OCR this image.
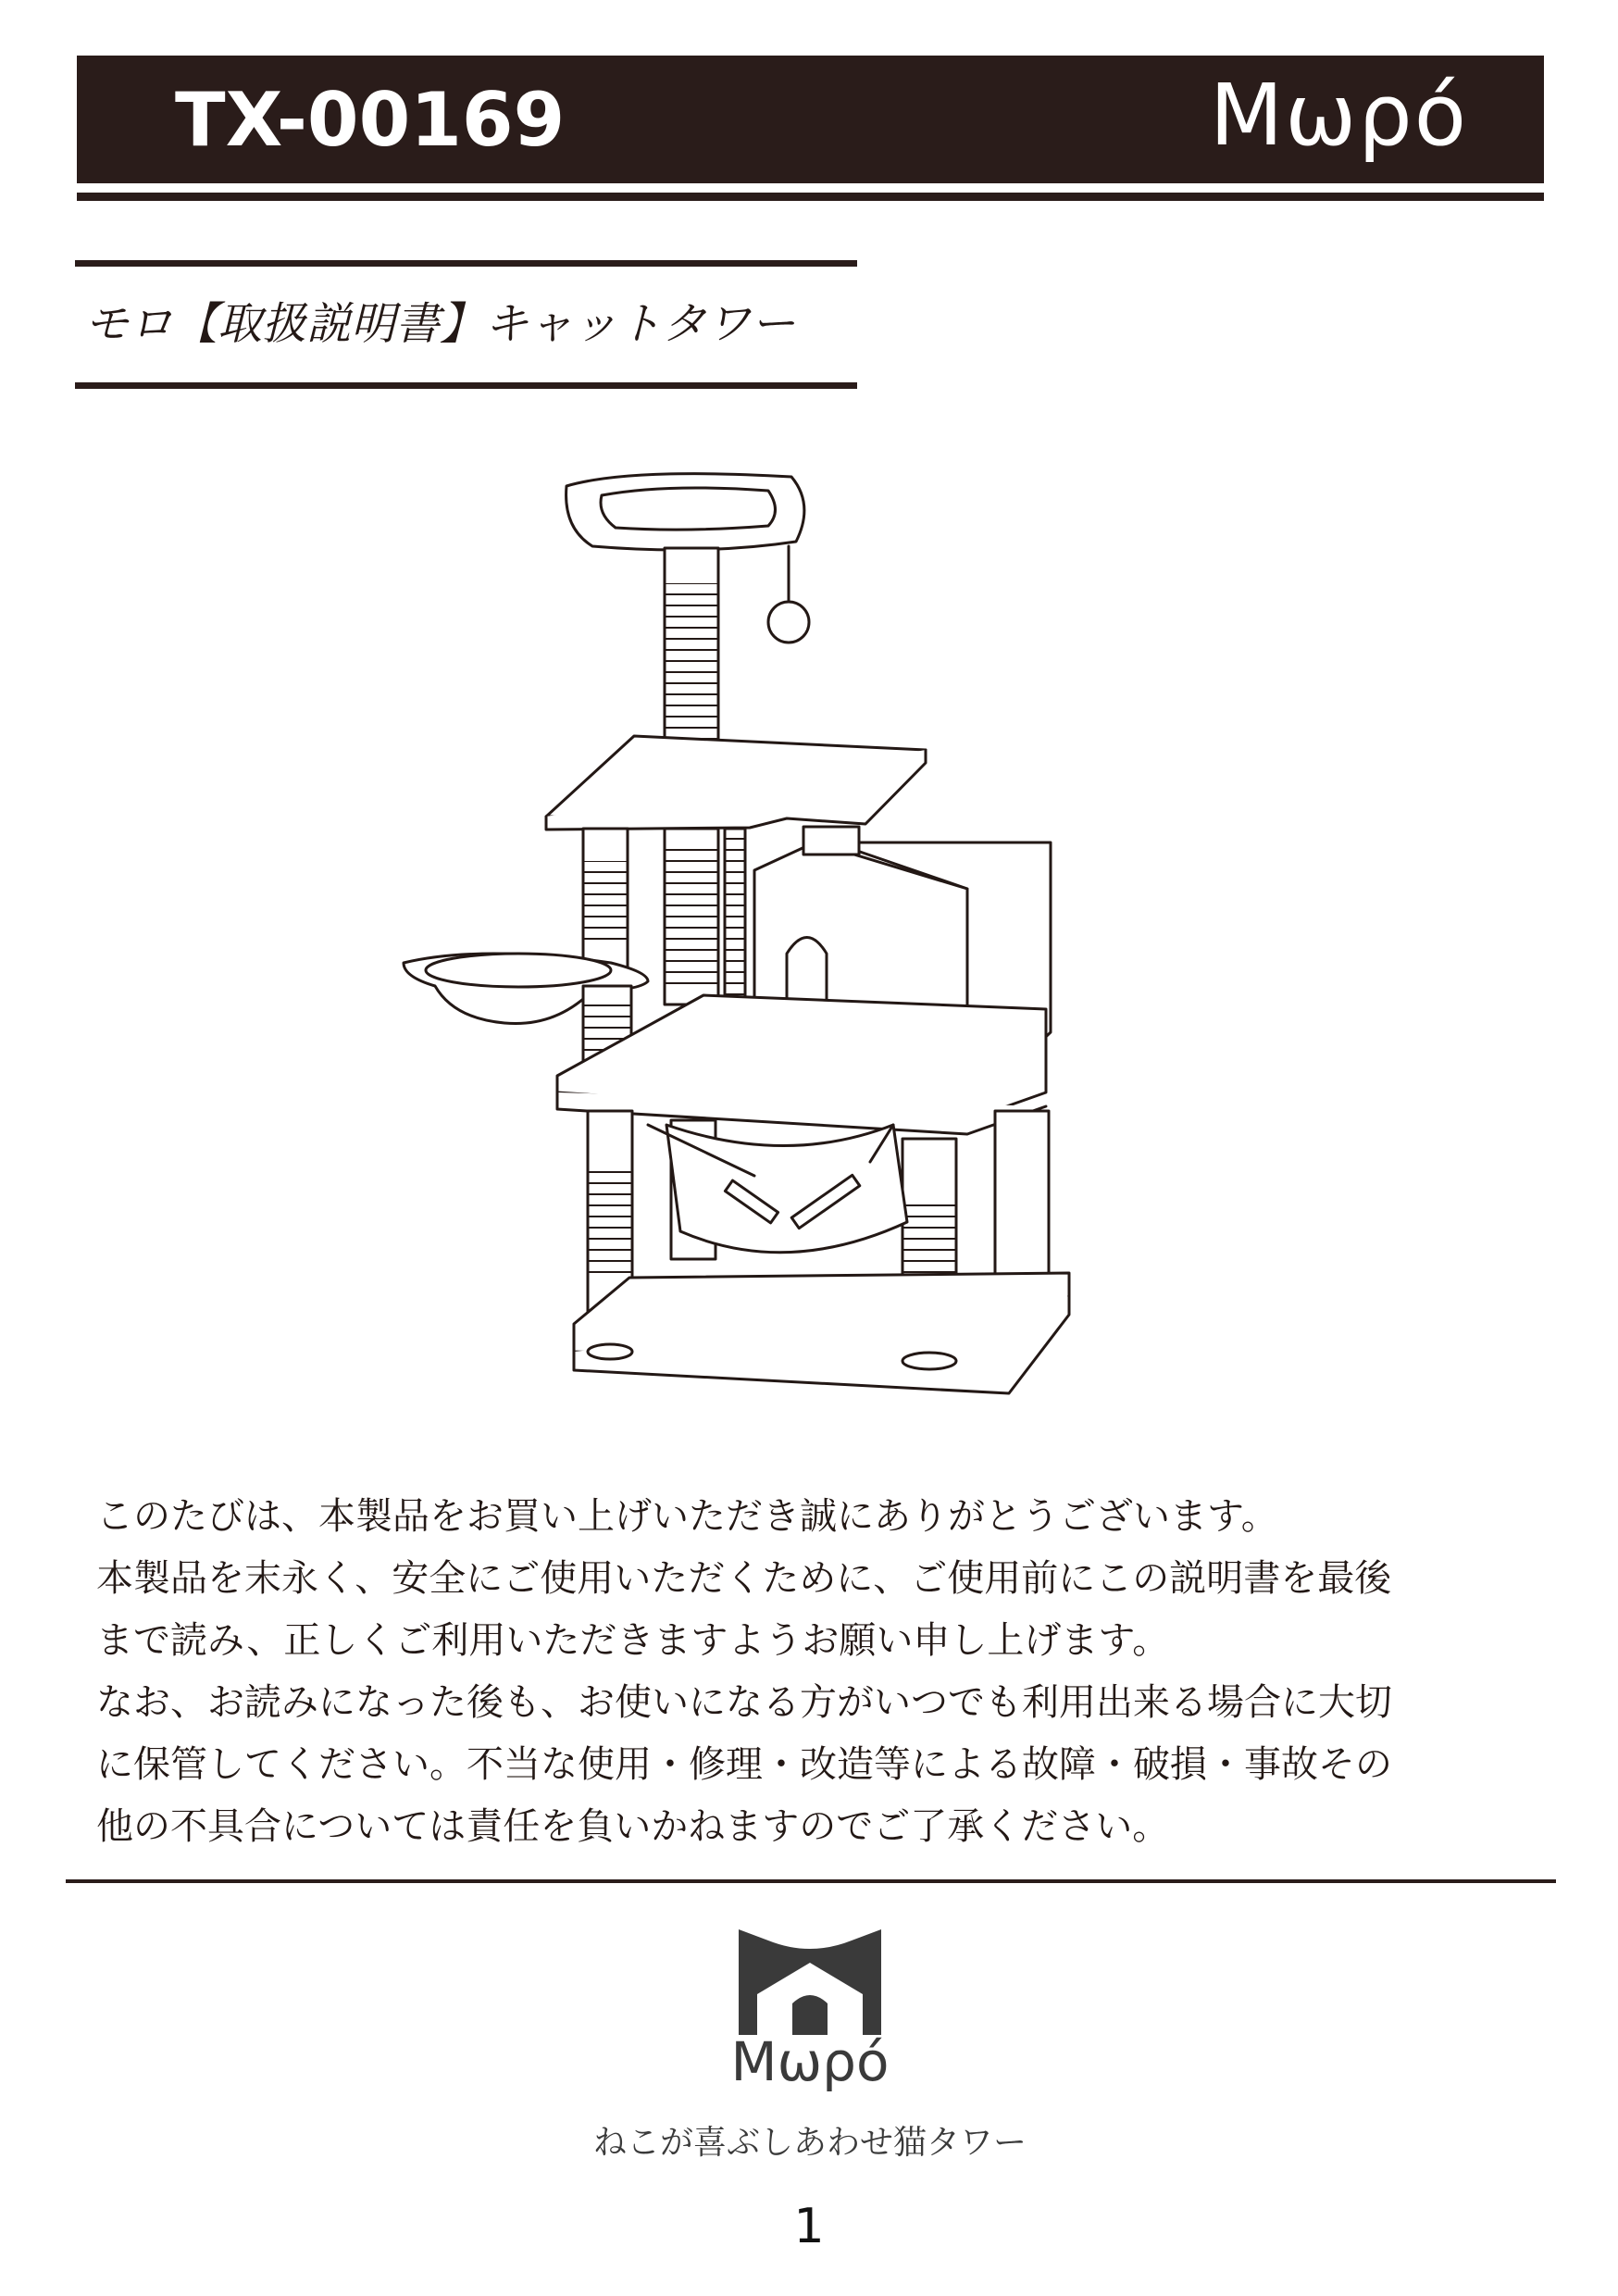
TX-00169	Mωρό
モロ【取扱説明書】キャットタワー
このたびは、本製品をお買い上げいただき誠にありがとうございます。
本製品を末永く、安全にご使用いただくために、ご使用前にこの説明書を最後
まで読み、正しくご利用いただきますようお願い申し上げます。
なお、お読みになった後も、お使いになる方がいつでも利用出来る場合に大切
に保管してください。不当な使用・修理・改造等による故障・破損・事故その
他の不具合については責任を負いかねますのでご了承ください。
Mωρό
ねこが喜ぶしあわせ猫タワー
1
